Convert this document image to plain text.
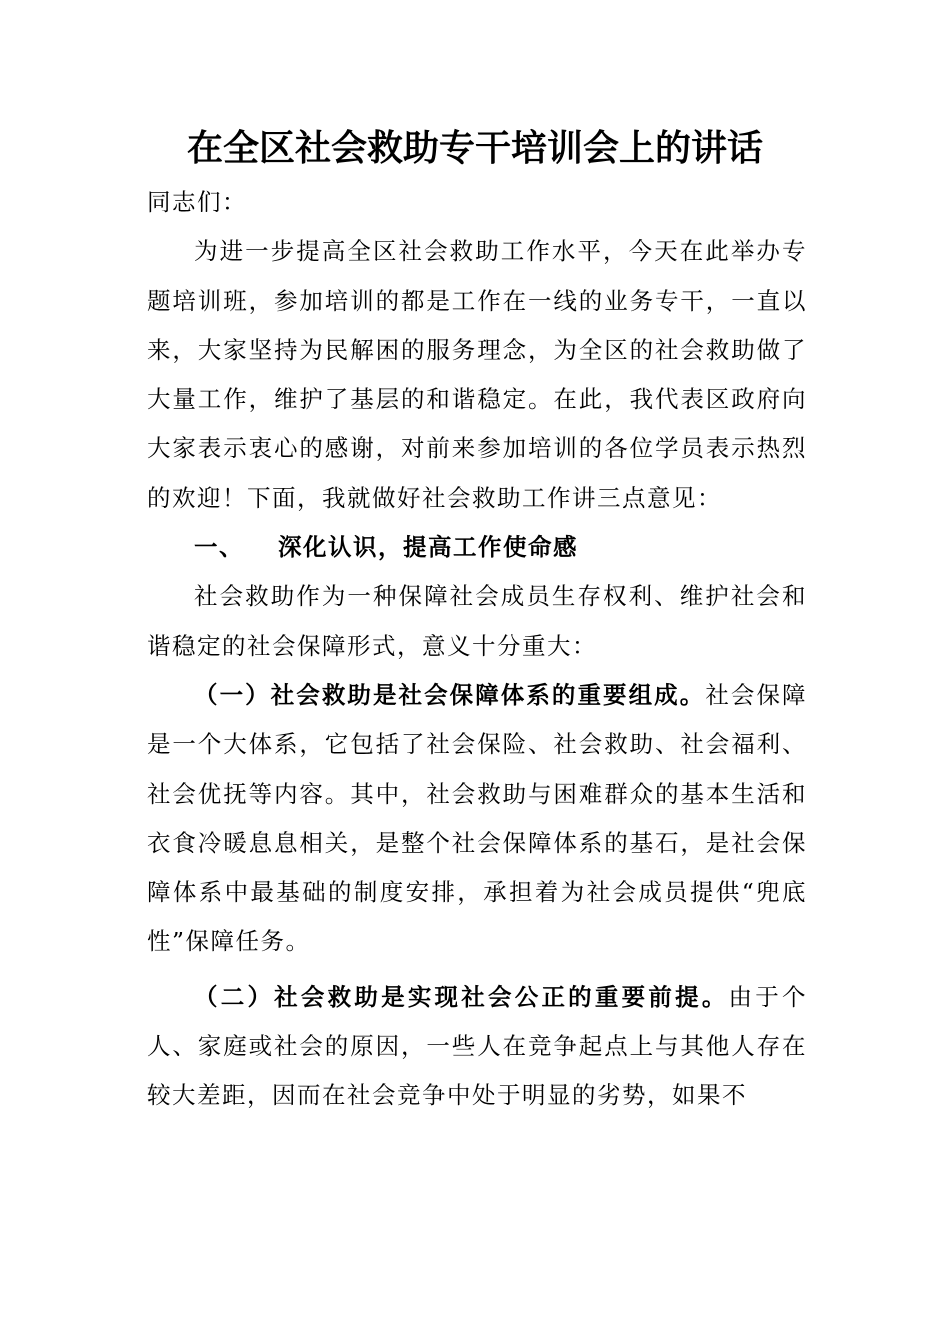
在全区社会救助专干培训会上的讲话

同志们：

为进一步提高全区社会救助工作水平，今天在此举办专题培训班，参加培训的都是工作在一线的业务专干，一直以来，大家坚持为民解困的服务理念，为全区的社会救助做了大量工作，维护了基层的和谐稳定。在此，我代表区政府向大家表示衷心的感谢，对前来参加培训的各位学员表示热烈的欢迎！下面，我就做好社会救助工作讲三点意见：

一、 深化认识，提高工作使命感

社会救助作为一种保障社会成员生存权利、维护社会和谐稳定的社会保障形式，意义十分重大：

（一）社会救助是社会保障体系的重要组成。社会保障是一个大体系，它包括了社会保险、社会救助、社会福利、社会优抚等内容。其中，社会救助与困难群众的基本生活和衣食冷暖息息相关，是整个社会保障体系的基石，是社会保障体系中最基础的制度安排，承担着为社会成员提供“兜底性”保障任务。

（二）社会救助是实现社会公正的重要前提。由于个人、家庭或社会的原因，一些人在竞争起点上与其他人存在较大差距，因而在社会竞争中处于明显的劣势，如果不
